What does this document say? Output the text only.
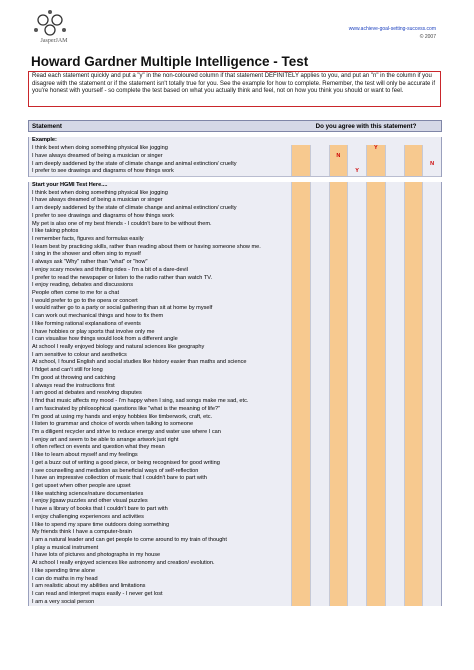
JasperJAM
www.achieve-goal-setting-success.com
© 2007
Howard Gardner Multiple Intelligence - Test
Read each statement quickly and put a "y" in the non-coloured column if that statement DEFINITELY applies to you, and put an "n" in the column if you disagree with the statement or if the statement isn't totally true for you. See the example for how to complete. Remember, the test will only be accurate if you're honest with yourself - so complete the test based on what you actually think and feel, not on how you think you should or want to feel.
Statement	Do you agree with this statement?
Example:
I think best when doing something physical like jogging	Y
I have always dreamed of being a musician or singer	N
I am deeply saddened by the state of climate change and animal extinction/ cruelty	N
I prefer to see drawings and diagrams of how things work	Y
Start your HGMI Test Here....
I think best when doing something physical like jogging
I have always dreamed of being a musician or singer
I am deeply saddened by the state of climate change and animal extinction/ cruelty
I prefer to see drawings and diagrams of how things work
My pet is also one of my best friends - I couldn't bare to be without them.
I like taking photos
I remember facts, figures and formulas easily
I learn best by practicing skills, rather than reading about them or having someone show me.
I sing in the shower and often sing to myself
I always ask "Why" rather than "what" or "how"
I enjoy scary movies and thrilling rides - I'm a bit of a dare-devil
I prefer to read the newspaper or listen to the radio rather than watch TV.
I enjoy reading, debates and discussions
People often come to me for a chat
I would prefer to go to the opera or concert
I would rather go to a party or social gathering than sit at home by myself
I can work out mechanical things and how to fix them
I like forming rational explanations of events
I have hobbies or play sports that involve only me
I can visualise how things would look from a different angle
At school I really enjoyed biology and natural sciences like geography
I am sensitive to colour and aesthetics
At school, I found English and social studies like history easier than maths and science
I fidget and can't still for long
I'm good at throwing and catching
I always read the instructions first
I am good at debates and resolving disputes
I find that music affects my mood - I'm happy when I sing, sad songs make me sad, etc.
I am fascinated by philosophical questions like "what is the meaning of life?"
I'm good at using my hands and enjoy hobbies like timberwork, craft, etc.
I listen to grammar and choice of words when talking to someone
I'm a diligent recycler and strive to reduce energy and water use where I can
I enjoy art and seem to be able to arrange artwork just right
I often reflect on events and question what they mean
I like to learn about myself and my feelings
I get a buzz out of writing a good piece, or being recognised for good writing
I see counselling and mediation as beneficial ways of self-reflection
I have an impressive collection of music that I couldn't bare to part with
I get upset when other people are upset
I like watching science/nature documentaries
I enjoy jigsaw puzzles and other visual puzzles
I have a library of books that I couldn't bare to part with
I enjoy challenging experiences and activities
I like to spend my spare time outdoors doing something
My friends think I have a computer-brain
I am a natural leader and can get people to come around to my train of thought
I play a musical instrument
I have lots of pictures and photographs in my house
At school I really enjoyed sciences like astronomy and creation/ evolution.
I like spending time alone
I can do maths in my head
I am realistic about my abilities and limitations
I can read and interpret maps easily - I never get lost
I am a very social person
